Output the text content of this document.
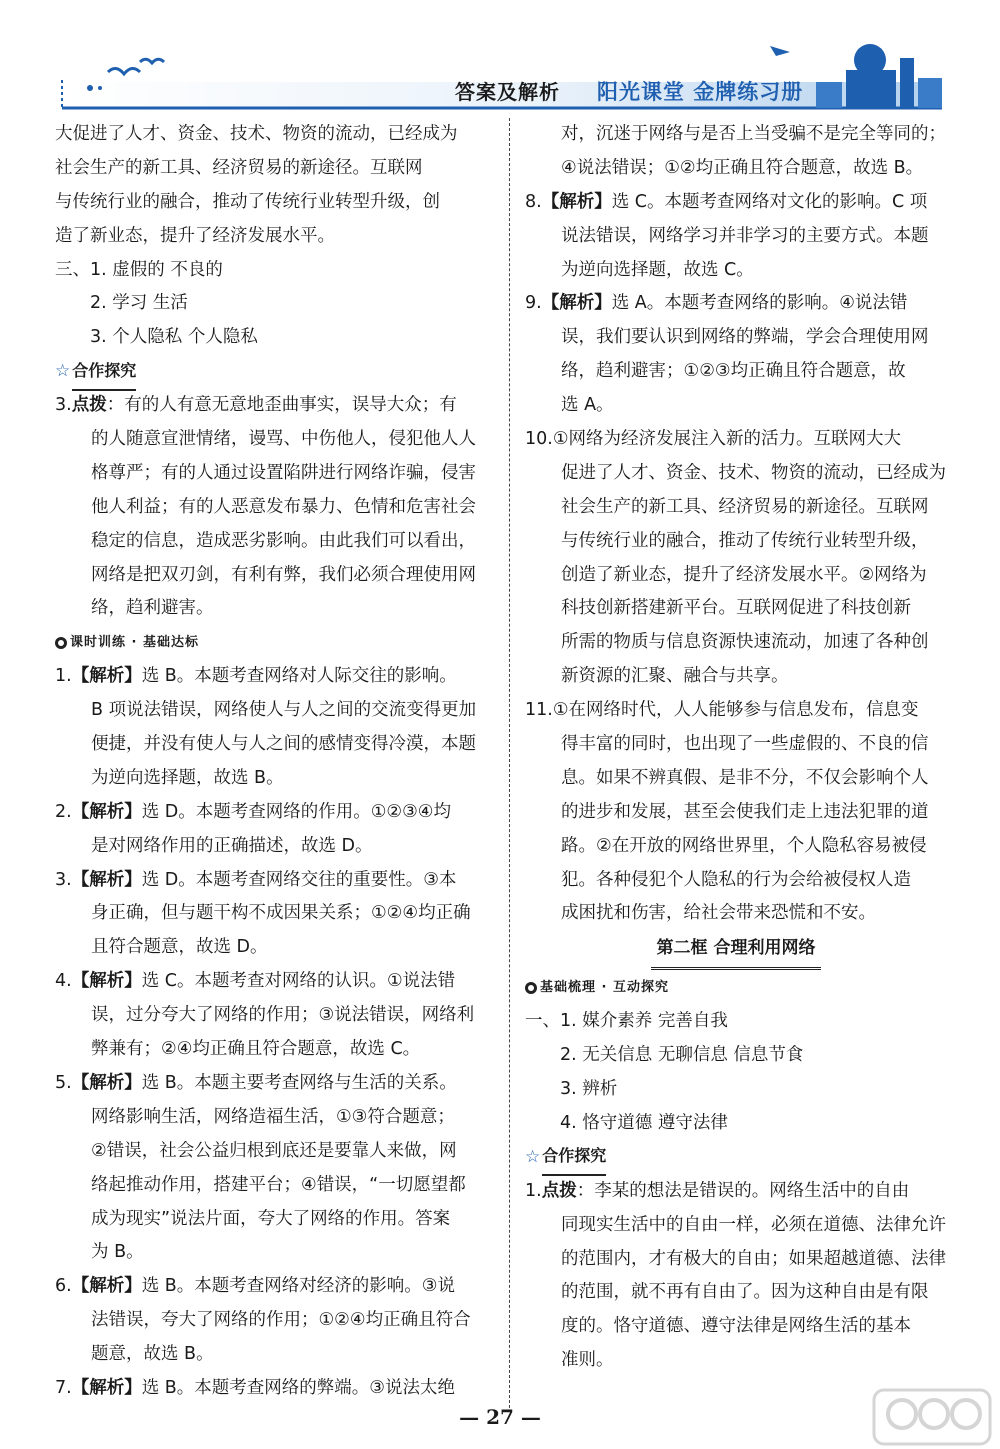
答案及解析 阳光课堂 金牌练习册
大促进了人才、资金、技术、物资的流动，已经成为
社会生产的新工具、经济贸易的新途径。互联网
与传统行业的融合，推动了传统行业转型升级，创
造了新业态，提升了经济发展水平。
三、1. 虚假的 不良的
2. 学习 生活
3. 个人隐私 个人隐私
☆ 合作探究
3.点拨：有的人有意无意地歪曲事实，误导大众；有
的人随意宣泄情绪，谩骂、中伤他人，侵犯他人人
格尊严；有的人通过设置陷阱进行网络诈骗，侵害
他人利益；有的人恶意发布暴力、色情和危害社会
稳定的信息，造成恶劣影响。由此我们可以看出，
网络是把双刃剑，有利有弊，我们必须合理使用网
络，趋利避害。
课时训练 · 基础达标
1.【解析】选 B。本题考查网络对人际交往的影响。
B 项说法错误，网络使人与人之间的交流变得更加
便捷，并没有使人与人之间的感情变得冷漠，本题
为逆向选择题，故选 B。
2.【解析】选 D。本题考查网络的作用。①②③④均
是对网络作用的正确描述，故选 D。
3.【解析】选 D。本题考查网络交往的重要性。③本
身正确，但与题干构不成因果关系；①②④均正确
且符合题意，故选 D。
4.【解析】选 C。本题考查对网络的认识。①说法错
误，过分夸大了网络的作用；③说法错误，网络利
弊兼有；②④均正确且符合题意，故选 C。
5.【解析】选 B。本题主要考查网络与生活的关系。
网络影响生活，网络造福生活，①③符合题意；
②错误，社会公益归根到底还是要靠人来做，网
络起推动作用，搭建平台；④错误，“一切愿望都
成为现实”说法片面，夸大了网络的作用。答案
为 B。
6.【解析】选 B。本题考查网络对经济的影响。③说
法错误，夸大了网络的作用；①②④均正确且符合
题意，故选 B。
7.【解析】选 B。本题考查网络的弊端。③说法太绝
对，沉迷于网络与是否上当受骗不是完全等同的；
④说法错误；①②均正确且符合题意，故选 B。
8.【解析】选 C。本题考查网络对文化的影响。C 项
说法错误，网络学习并非学习的主要方式。本题
为逆向选择题，故选 C。
9.【解析】选 A。本题考查网络的影响。④说法错
误，我们要认识到网络的弊端，学会合理使用网
络，趋利避害；①②③均正确且符合题意，故
选 A。
10.①网络为经济发展注入新的活力。互联网大大
促进了人才、资金、技术、物资的流动，已经成为
社会生产的新工具、经济贸易的新途径。互联网
与传统行业的融合，推动了传统行业转型升级，
创造了新业态，提升了经济发展水平。②网络为
科技创新搭建新平台。互联网促进了科技创新
所需的物质与信息资源快速流动，加速了各种创
新资源的汇聚、融合与共享。
11.①在网络时代，人人能够参与信息发布，信息变
得丰富的同时，也出现了一些虚假的、不良的信
息。如果不辨真假、是非不分，不仅会影响个人
的进步和发展，甚至会使我们走上违法犯罪的道
路。②在开放的网络世界里，个人隐私容易被侵
犯。各种侵犯个人隐私的行为会给被侵权人造
成困扰和伤害，给社会带来恐慌和不安。
第二框 合理利用网络
基础梳理 · 互动探究
一、1. 媒介素养 完善自我
2. 无关信息 无聊信息 信息节食
3. 辨析
4. 恪守道德 遵守法律
☆ 合作探究
1.点拨：李某的想法是错误的。网络生活中的自由
同现实生活中的自由一样，必须在道德、法律允许
的范围内，才有极大的自由；如果超越道德、法律
的范围，就不再有自由了。因为这种自由是有限
度的。恪守道德、遵守法律是网络生活的基本
准则。
— 27 —
